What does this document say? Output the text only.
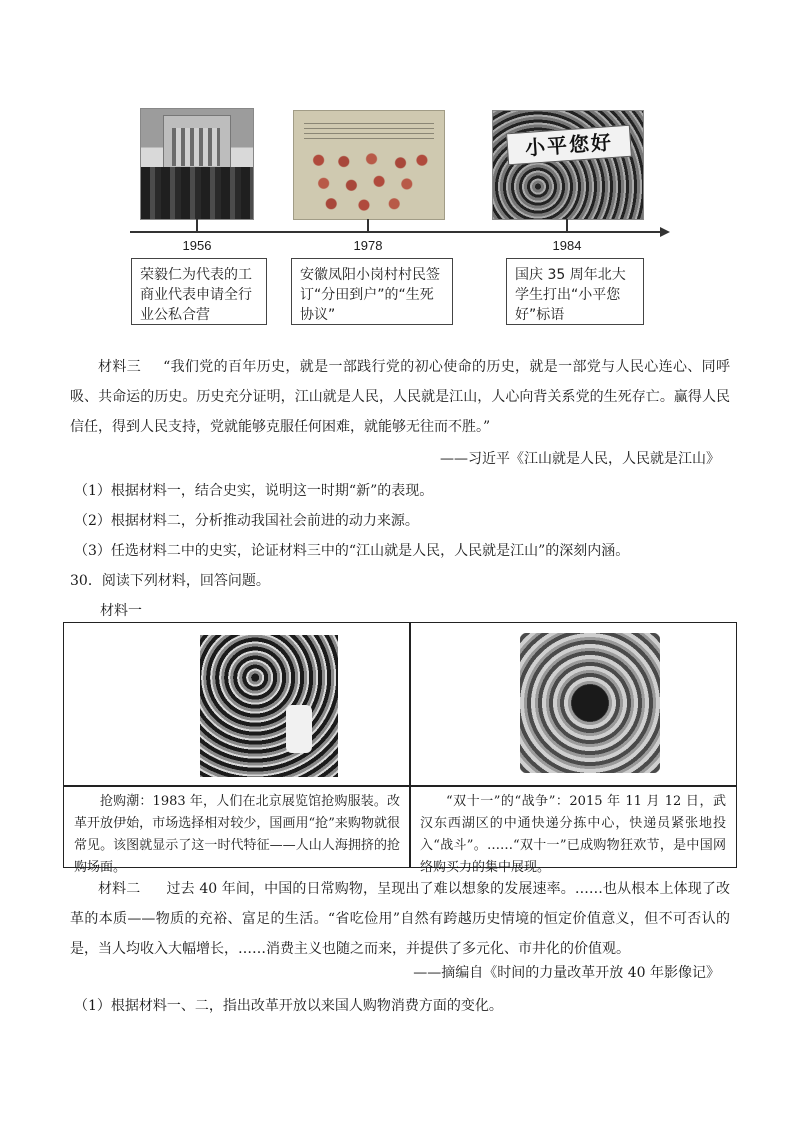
小平您好
1956	1978	1984
荣毅仁为代表的工商业代表申请全行业公私合营
安徽凤阳小岗村村民签订“分田到户”的“生死协议”
国庆 35 周年北大学生打出“小平您好”标语
材料三 “我们党的百年历史，就是一部践行党的初心使命的历史，就是一部党与人民心连心、同呼吸、共命运的历史。历史充分证明，江山就是人民，人民就是江山，人心向背关系党的生死存亡。赢得人民信任，得到人民支持，党就能够克服任何困难，就能够无往而不胜。”
——习近平《江山就是人民，人民就是江山》
（1）根据材料一，结合史实，说明这一时期“新”的表现。
（2）根据材料二，分析推动我国社会前进的动力来源。
（3）任选材料二中的史实，论证材料三中的“江山就是人民，人民就是江山”的深刻内涵。
30．阅读下列材料，回答问题。
材料一
抢购潮：1983 年，人们在北京展览馆抢购服装。改革开放伊始，市场选择相对较少，国画用“抢”来购物就很常见。该图就显示了这一时代特征——人山人海拥挤的抢购场面。
“双十一”的“战争”：2015 年 11 月 12 日，武汉东西湖区的中通快递分拣中心，快递员紧张地投入“战斗”。……“双十一”已成购物狂欢节，是中国网络购买力的集中展现。
材料二 过去 40 年间，中国的日常购物，呈现出了难以想象的发展速率。……也从根本上体现了改革的本质——物质的充裕、富足的生活。“省吃俭用”自然有跨越历史情境的恒定价值意义，但不可否认的是，当人均收入大幅增长，……消费主义也随之而来，并提供了多元化、市井化的价值观。
——摘编自《时间的力量改革开放 40 年影像记》
（1）根据材料一、二，指出改革开放以来国人购物消费方面的变化。
